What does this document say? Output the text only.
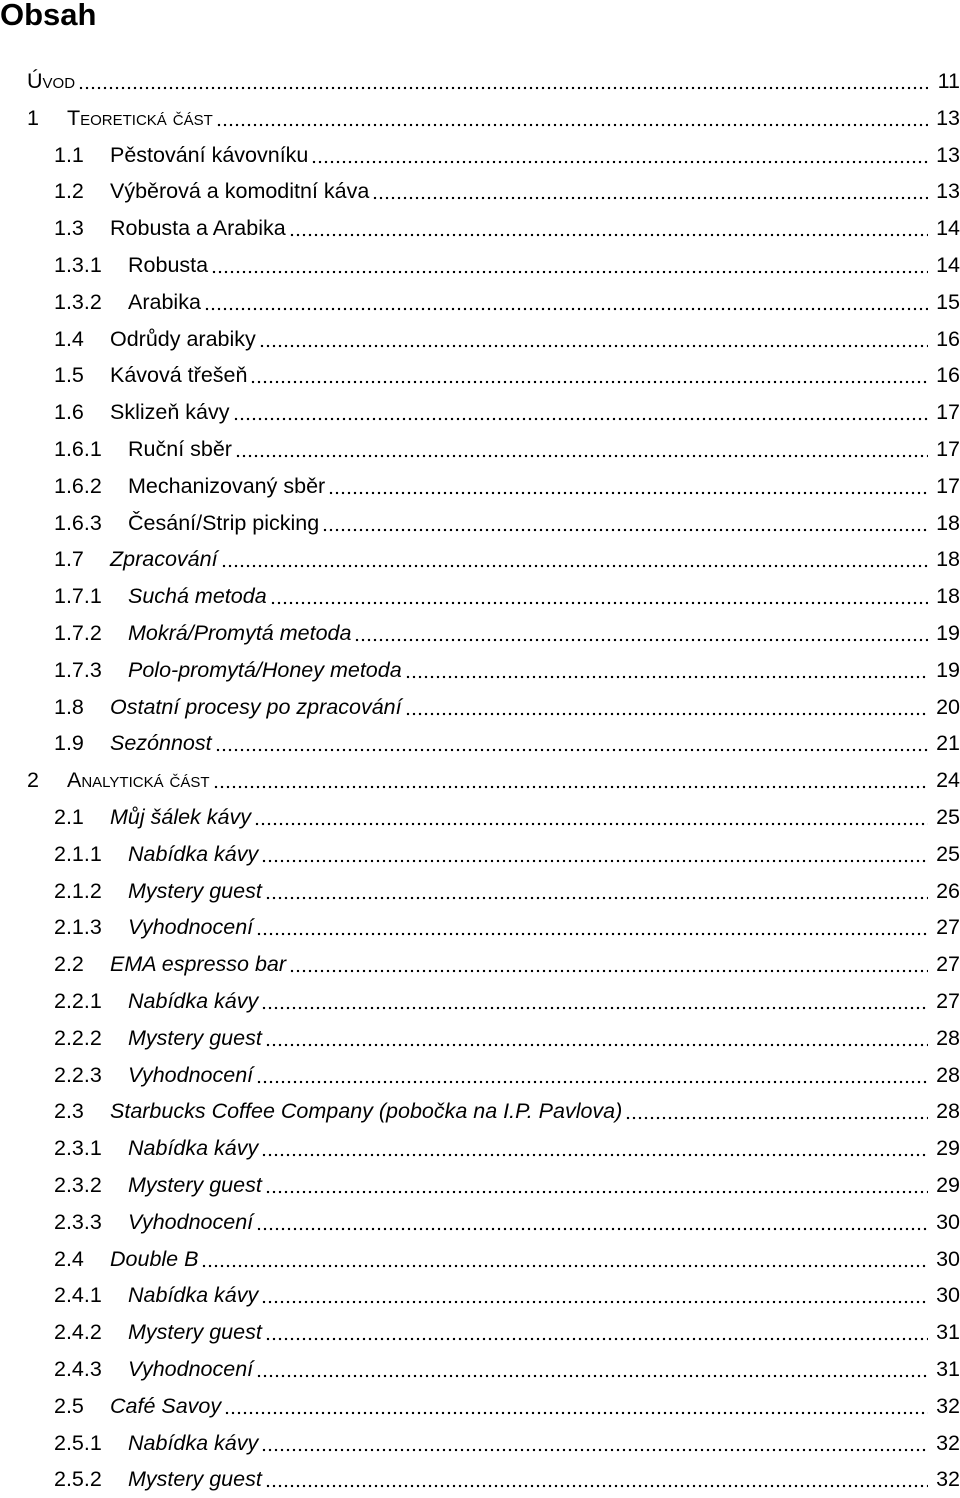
Obsah
Úvod	11
1	Teoretická část	13
1.1	Pěstování kávovníku	13
1.2	Výběrová a komoditní káva	13
1.3	Robusta a Arabika	14
1.3.1	Robusta	14
1.3.2	Arabika	15
1.4	Odrůdy arabiky	16
1.5	Kávová třešeň	16
1.6	Sklizeň kávy	17
1.6.1	Ruční sběr	17
1.6.2	Mechanizovaný sběr	17
1.6.3	Česání/Strip picking	18
1.7	Zpracování	18
1.7.1	Suchá metoda	18
1.7.2	Mokrá/Promytá metoda	19
1.7.3	Polo-promytá/Honey metoda	19
1.8	Ostatní procesy po zpracování	20
1.9	Sezónnost	21
2	Analytická část	24
2.1	Můj šálek kávy	25
2.1.1	Nabídka kávy	25
2.1.2	Mystery guest	26
2.1.3	Vyhodnocení	27
2.2	EMA espresso bar	27
2.2.1	Nabídka kávy	27
2.2.2	Mystery guest	28
2.2.3	Vyhodnocení	28
2.3	Starbucks Coffee Company (pobočka na I.P. Pavlova)	28
2.3.1	Nabídka kávy	29
2.3.2	Mystery guest	29
2.3.3	Vyhodnocení	30
2.4	Double B	30
2.4.1	Nabídka kávy	30
2.4.2	Mystery guest	31
2.4.3	Vyhodnocení	31
2.5	Café Savoy	32
2.5.1	Nabídka kávy	32
2.5.2	Mystery guest	32
